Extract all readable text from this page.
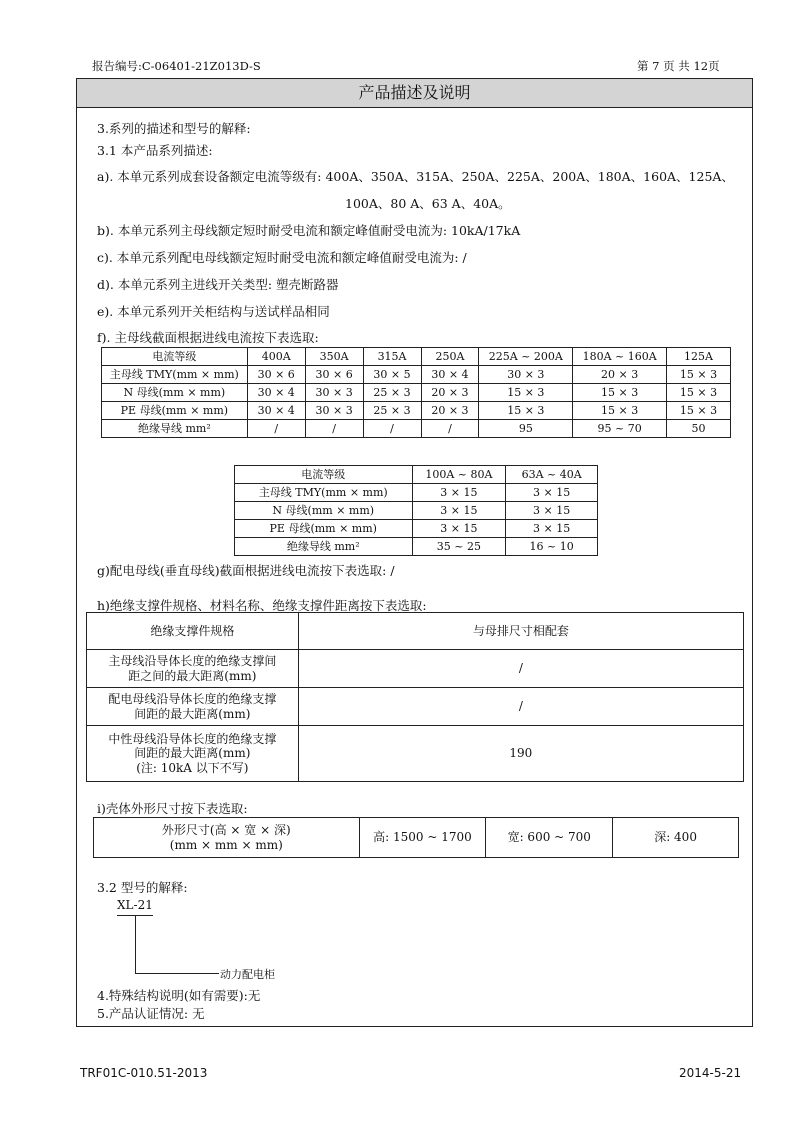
报告编号:C-06401-21Z013D-S	第 7 页 共 12页
产品描述及说明
3.系列的描述和型号的解释:
3.1 本产品系列描述:
a). 本单元系列成套设备额定电流等级有: 400A、350A、315A、250A、225A、200A、180A、160A、125A、
100A、80 A、63 A、40A。
b). 本单元系列主母线额定短时耐受电流和额定峰值耐受电流为: 10kA/17kA
c). 本单元系列配电母线额定短时耐受电流和额定峰值耐受电流为: /
d). 本单元系列主进线开关类型: 塑壳断路器
e). 本单元系列开关柜结构与送试样品相同
f). 主母线截面根据进线电流按下表选取:
电流等级	400A	350A	315A	250A	225A ~ 200A	180A ~ 160A	125A
主母线 TMY(mm × mm)	30 × 6	30 × 6	30 × 5	30 × 4	30 × 3	20 × 3	15 × 3
N 母线(mm × mm)	30 × 4	30 × 3	25 × 3	20 × 3	15 × 3	15 × 3	15 × 3
PE 母线(mm × mm)	30 × 4	30 × 3	25 × 3	20 × 3	15 × 3	15 × 3	15 × 3
绝缘导线 mm²	/	/	/	/	95	95 ~ 70	50
电流等级	100A ~ 80A	63A ~ 40A
主母线 TMY(mm × mm)	3 × 15	3 × 15
N 母线(mm × mm)	3 × 15	3 × 15
PE 母线(mm × mm)	3 × 15	3 × 15
绝缘导线 mm²	35 ~ 25	16 ~ 10
g)配电母线(垂直母线)截面根据进线电流按下表选取: /
h)绝缘支撑件规格、材料名称、绝缘支撑件距离按下表选取:
绝缘支撑件规格	与母排尺寸相配套

主母线沿导体长度的绝缘支撑间
距之间的最大距离(mm)	/

配电母线沿导体长度的绝缘支撑
间距的最大距离(mm)	/

中性母线沿导体长度的绝缘支撑
间距的最大距离(mm)
(注: 10kA 以下不写)	190
i)壳体外形尺寸按下表选取:
外形尺寸(高 × 宽 × 深)
(mm × mm × mm)
	高: 1500 ~ 1700	宽: 600 ~ 700	深: 400
3.2 型号的解释:
XL-21
动力配电柜
4.特殊结构说明(如有需要):无
5.产品认证情况: 无
TRF01C-010.51-2013	2014-5-21
